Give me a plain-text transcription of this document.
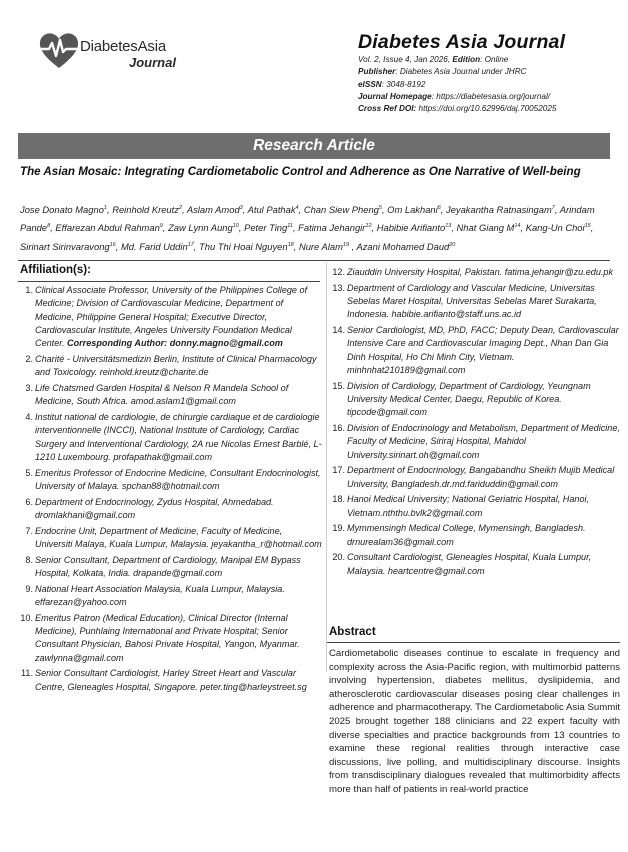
DiabetesAsia
Journal
Diabetes Asia Journal
Vol. 2, Issue 4, Jan 2026, Edition: Online
Publisher: Diabetes Asia Journal under JHRC
eISSN: 3048-8192
Journal Homepage: https://diabetesasia.org/journal/
Cross Ref DOI: https://doi.org/10.62996/daj.70052025
Research Article
The Asian Mosaic: Integrating Cardiometabolic Control and Adherence as One Narrative of Well-being
Jose Donato Magno$^1$, Reinhold Kreutz$^2$, Aslam Amod$^3$, Atul Pathak$^4$, Chan Siew Pheng$^5$, Om Lakhani$^6$, Jeyakantha Ratnasingam$^7$, Arindam Pande$^8$, Effarezan Abdul Rahman$^9$, Zaw Lynn Aung$^{10}$, Peter Ting$^{11}$, Fatima Jehangir$^{12}$, Habibie Arifianto$^{13}$, Nhat Giang $M^{14}$, Kang-Un Choi$^{15}$, Sirinart Sirinvaravong$^{16}$, Md. Farid Uddin$^{17}$, Thu Thi Hoai Nguyen$^{18}$, Nure Alam$^{19}$ , Azani Mohamed Daud$^{20}$
Affiliation(s):
1. Clinical Associate Professor, University of the Philippines College of Medicine; Division of Cardiovascular Medicine, Department of Medicine, Philippine General Hospital; Executive Director, Cardiovascular Institute, Angeles University Foundation Medical Center. Corresponding Author: donny.magno@gmail.com
2. Charité - Universitätsmedizin Berlin, Institute of Clinical Pharmacology and Toxicology. reinhold.kreutz@charite.de
3. Life Chatsmed Garden Hospital & Nelson R Mandela School of Medicine, South Africa. amod.aslam1@gmail.com
4. Institut national de cardiologie, de chirurgie cardiaque et de cardiologie interventionnelle (INCCI), National Institute of Cardiology, Cardiac Surgery and Interventional Cardiology, 2A rue Nicolas Ernest Barblé, L-1210 Luxembourg. profapathak@gmail.com
5. Emeritus Professor of Endocrine Medicine, Consultant Endocrinologist, University of Malaya. spchan88@hotmail.com
6. Department of Endocrinology, Zydus Hospital, Ahmedabad. dromlakhani@gmail.com
7. Endocrine Unit, Department of Medicine, Faculty of Medicine, Universiti Malaya, Kuala Lumpur, Malaysia. jeyakantha_r@hotmail.com
8. Senior Consultant, Department of Cardiology, Manipal EM Bypass Hospital, Kolkata, India. drapande@gmail.com
9. National Heart Association Malaysia, Kuala Lumpur, Malaysia. effarezan@yahoo.com
10. Emeritus Patron (Medical Education), Clinical Director (Internal Medicine), Punhlaing International and Private Hospital; Senior Consultant Physician, Bahosi Private Hospital, Yangon, Myanmar. zawlynna@gmail.com
11. Senior Consultant Cardiologist, Harley Street Heart and Vascular Centre, Gleneagles Hospital, Singapore. peter.ting@harleystreet.sg
12. Ziauddin University Hospital, Pakistan. fatima.jehangir@zu.edu.pk
13. Department of Cardiology and Vascular Medicine, Universitas Sebelas Maret Hospital, Universitas Sebelas Maret Surakarta, Indonesia. habibie.arifianto@staff.uns.ac.id
14. Senior Cardiologist, MD, PhD, FACC; Deputy Dean, Cardiovascular Intensive Care and Cardiovascular Imaging Dept., Nhan Dan Gia Dinh Hospital, Ho Chi Minh City, Vietnam. minhnhat210189@gmail.com
15. Division of Cardiology, Department of Cardiology, Yeungnam University Medical Center, Daegu, Republic of Korea. tipcode@gmail.com
16. Division of Endocrinology and Metabolism, Department of Medicine, Faculty of Medicine, Siriraj Hospital, Mahidol University.sirinart.oh@gmail.com
17. Department of Endocrinology, Bangabandhu Sheikh Mujib Medical University, Bangladesh.dr.md.fariduddin@gmail.com
18. Hanoi Medical University; National Geriatric Hospital, Hanoi, Vietnam.nththu.bvlk2@gmail.com
19. Mymmensingh Medical College, Mymensingh, Bangladesh. drnurealam36@gmail.com
20. Consultant Cardiologist, Gleneagles Hospital, Kuala Lumpur, Malaysia. heartcentre@gmail.com
Abstract
Cardiometabolic diseases continue to escalate in frequency and complexity across the Asia-Pacific region, with multimorbid patterns involving hypertension, diabetes mellitus, dyslipidemia, and atherosclerotic cardiovascular diseases posing clear challenges in adherence and pharmacotherapy. The Cardiometabolic Asia Summit 2025 brought together 188 clinicians and 22 expert faculty with diverse specialties and practice backgrounds from 13 countries to examine these regional realities through interactive case discussions, live polling, and multidisciplinary discourse. Insights from transdisciplinary dialogues revealed that multimorbidity affects more than half of patients in real-world practice
